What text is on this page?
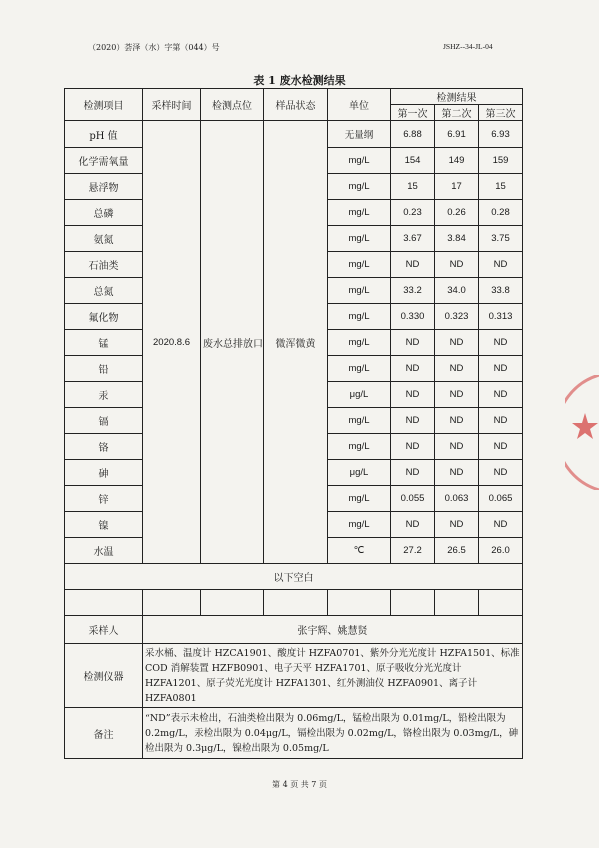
（2020）荟泽（水）字第（044）号	JSHZ--34-JL-04
表 1 废水检测结果
检测项目	采样时间	检测点位	样品状态	单位	检测结果		
					第一次	第二次	第三次
pH 值	2020.8.6	废水总排放口	微浑微黄	无量纲	6.88	6.91	6.93
化学需氧量				mg/L	154	149	159
悬浮物				mg/L	15	17	15
总磷				mg/L	0.23	0.26	0.28
氨氮				mg/L	3.67	3.84	3.75
石油类				mg/L	ND	ND	ND
总氮				mg/L	33.2	34.0	33.8
氟化物				mg/L	0.330	0.323	0.313
锰				mg/L	ND	ND	ND
铅				mg/L	ND	ND	ND
汞				μg/L	ND	ND	ND
镉				mg/L	ND	ND	ND
铬				mg/L	ND	ND	ND
砷				μg/L	ND	ND	ND
锌				mg/L	0.055	0.063	0.065
镍				mg/L	ND	ND	ND
水温				℃	27.2	26.5	26.0
以下空白							

采样人	张宇辉、姚慧贤						
检测仪器	采水桶、温度计 HZCA1901、酸度计 HZFA0701、紫外分光光度计 HZFA1501、标准 COD 消解装置 HZFB0901、电子天平 HZFA1701、原子吸收分光光度计 HZFA1201、原子荧光光度计 HZFA1301、红外测油仪 HZFA0901、离子计 HZFA0801						
备注	“ND”表示未检出，石油类检出限为 0.06mg/L，锰检出限为 0.01mg/L，铅检出限为 0.2mg/L，汞检出限为 0.04μg/L，镉检出限为 0.02mg/L，铬检出限为 0.03mg/L，砷检出限为 0.3μg/L，镍检出限为 0.05mg/L						
第 4 页 共 7 页
